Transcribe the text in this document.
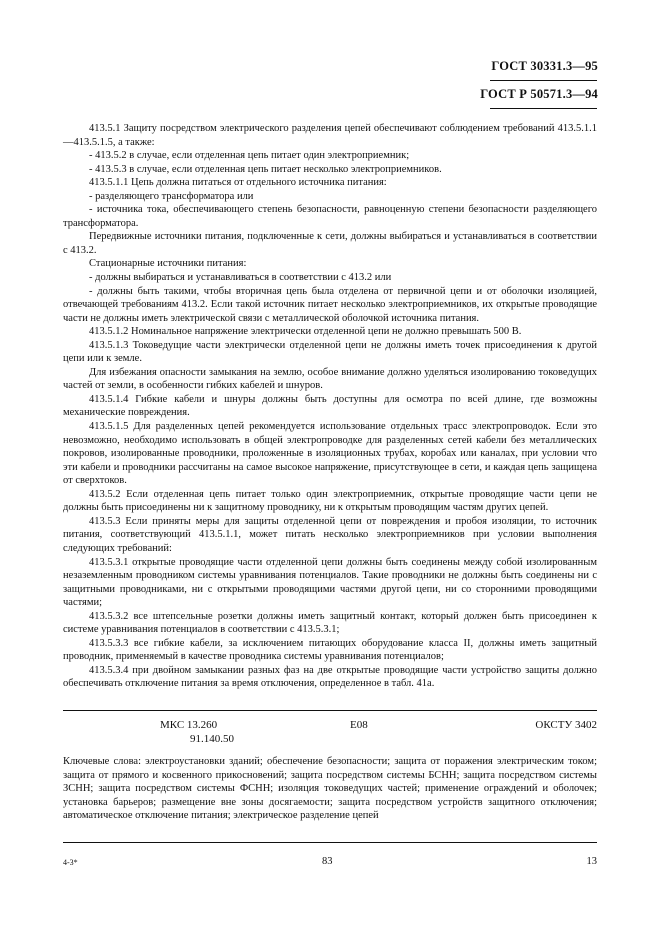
ГОСТ 30331.3—95
ГОСТ Р 50571.3—94

413.5.1 Защиту посредством электрического разделения цепей обеспечивают соблюдением требований 413.5.1.1—413.5.1.5, а также:

- 413.5.2 в случае, если отделенная цепь питает один электроприемник;

- 413.5.3 в случае, если отделенная цепь питает несколько электроприемников.

413.5.1.1 Цепь должна питаться от отдельного источника питания:

- разделяющего трансформатора или

- источника тока, обеспечивающего степень безопасности, равноценную степени безопасности разделяющего трансформатора.

Передвижные источники питания, подключенные к сети, должны выбираться и устанавливаться в соответствии с 413.2.

Стационарные источники питания:

- должны выбираться и устанавливаться в соответствии с 413.2 или

- должны быть такими, чтобы вторичная цепь была отделена от первичной цепи и от оболочки изоляцией, отвечающей требованиям 413.2. Если такой источник питает несколько электроприемников, их открытые проводящие части не должны иметь электрической связи с металлической оболочкой источника питания.

413.5.1.2 Номинальное напряжение электрически отделенной цепи не должно превышать 500 В.

413.5.1.3 Токоведущие части электрически отделенной цепи не должны иметь точек присоединения к другой цепи или к земле.

Для избежания опасности замыкания на землю, особое внимание должно уделяться изолированию токоведущих частей от земли, в особенности гибких кабелей и шнуров.

413.5.1.4 Гибкие кабели и шнуры должны быть доступны для осмотра по всей длине, где возможны механические повреждения.

413.5.1.5 Для разделенных цепей рекомендуется использование отдельных трасс электропроводок. Если это невозможно, необходимо использовать в общей электропроводке для разделенных сетей кабели без металлических покровов, изолированные проводники, проложенные в изоляционных трубах, коробах или каналах, при условии что эти кабели и проводники рассчитаны на самое высокое напряжение, присутствующее в сети, и каждая цепь защищена от сверхтоков.

413.5.2 Если отделенная цепь питает только один электроприемник, открытые проводящие части цепи не должны быть присоединены ни к защитному проводнику, ни к открытым проводящим частям других цепей.

413.5.3 Если приняты меры для защиты отделенной цепи от повреждения и пробоя изоляции, то источник питания, соответствующий 413.5.1.1, может питать несколько электроприемников при условии выполнения следующих требований:

413.5.3.1 открытые проводящие части отделенной цепи должны быть соединены между собой изолированным незаземленным проводником системы уравнивания потенциалов. Такие проводники не должны быть соединены ни с защитными проводниками, ни с открытыми проводящими частями другой цепи, ни со сторонними проводящими частями;

413.5.3.2 все штепсельные розетки должны иметь защитный контакт, который должен быть присоединен к системе уравнивания потенциалов в соответствии с 413.5.3.1;

413.5.3.3 все гибкие кабели, за исключением питающих оборудование класса II, должны иметь защитный проводник, применяемый в качестве проводника системы уравнивания потенциалов;

413.5.3.4 при двойном замыкании разных фаз на две открытые проводящие части устройство защиты должно обеспечивать отключение питания за время отключения, определенное в табл. 41а.

МКС 13.260
91.140.50
Е08	ОКСТУ 3402

Ключевые слова: электроустановки зданий; обеспечение безопасности; защита от поражения электрическим током; защита от прямого и косвенного прикосновений; защита посредством системы БСНН; защита посредством системы ЗСНН; защита посредством системы ФСНН; изоляция токоведущих частей; применение ограждений и оболочек; установка барьеров; размещение вне зоны досягаемости; защита посредством устройств защитного отключения; автоматическое отключение питания; электрическое разделение цепей

4-3*	83	13
